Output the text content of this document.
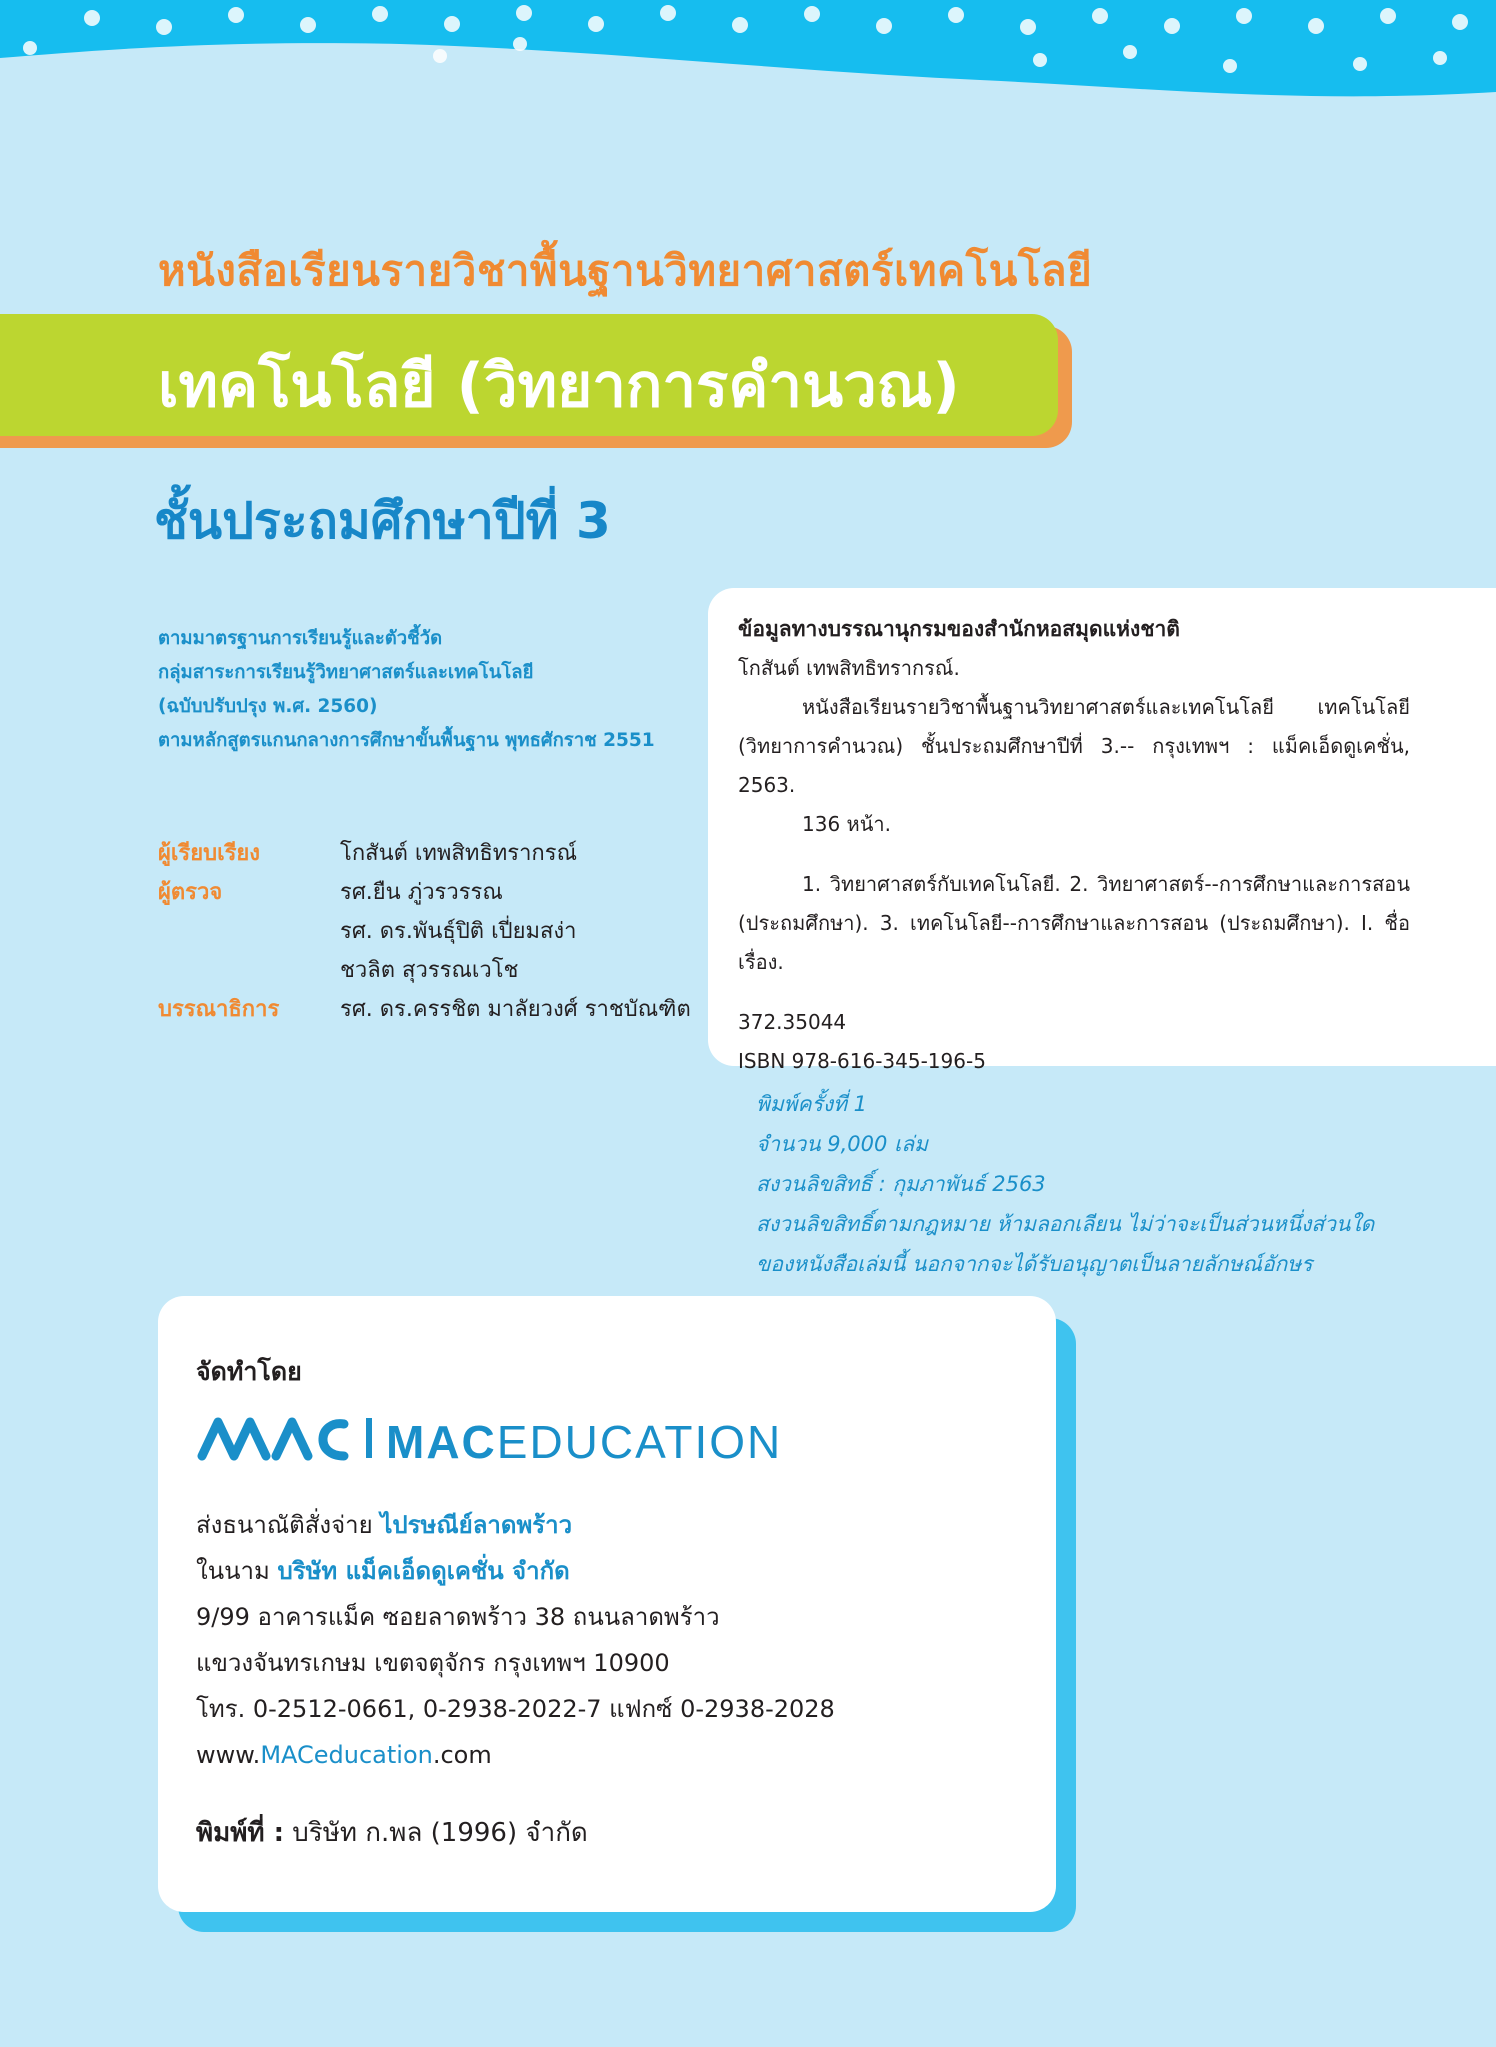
หนังสือเรียนรายวิชาพื้นฐานวิทยาศาสตร์เทคโนโลยี
เทคโนโลยี (วิทยาการคำนวณ)
ชั้นประถมศึกษาปีที่ 3
ตามมาตรฐานการเรียนรู้และตัวชี้วัด
กลุ่มสาระการเรียนรู้วิทยาศาสตร์และเทคโนโลยี
(ฉบับปรับปรุง พ.ศ. 2560)
ตามหลักสูตรแกนกลางการศึกษาขั้นพื้นฐาน พุทธศักราช 2551
ผู้เรียบเรียง	โกสันต์ เทพสิทธิทรากรณ์
ผู้ตรวจ	รศ.ยืน ภู่วรวรรณ
รศ. ดร.พันธุ์ปิติ เปี่ยมสง่า
ชวลิต สุวรรณเวโช
บรรณาธิการ	รศ. ดร.ครรชิต มาลัยวงศ์ ราชบัณฑิต
ข้อมูลทางบรรณานุกรมของสำนักหอสมุดแห่งชาติ
โกสันต์ เทพสิทธิทรากรณ์.
หนังสือเรียนรายวิชาพื้นฐานวิทยาศาสตร์และเทคโนโลยี เทคโนโลยี (วิทยาการคำนวณ) ชั้นประถมศึกษาปีที่ 3.-- กรุงเทพฯ : แม็คเอ็ดดูเคชั่น, 2563.
136 หน้า.
1. วิทยาศาสตร์กับเทคโนโลยี. 2. วิทยาศาสตร์--การศึกษาและการสอน (ประถมศึกษา). 3. เทคโนโลยี--การศึกษาและการสอน (ประถมศึกษา). I. ชื่อเรื่อง.
372.35044
ISBN 978-616-345-196-5
พิมพ์ครั้งที่ 1
จำนวน 9,000 เล่ม
สงวนลิขสิทธิ์ : กุมภาพันธ์ 2563
สงวนลิขสิทธิ์ตามกฎหมาย ห้ามลอกเลียน ไม่ว่าจะเป็นส่วนหนึ่งส่วนใด
ของหนังสือเล่มนี้ นอกจากจะได้รับอนุญาตเป็นลายลักษณ์อักษร
จัดทำโดย
MACEDUCATION
ส่งธนาณัติสั่งจ่าย ไปรษณีย์ลาดพร้าว
ในนาม บริษัท แม็คเอ็ดดูเคชั่น จำกัด
9/99 อาคารแม็ค ซอยลาดพร้าว 38 ถนนลาดพร้าว
แขวงจันทรเกษม เขตจตุจักร กรุงเทพฯ 10900
โทร. 0-2512-0661, 0-2938-2022-7 แฟกซ์ 0-2938-2028
www.MACeducation.com
พิมพ์ที่ : บริษัท ก.พล (1996) จำกัด
